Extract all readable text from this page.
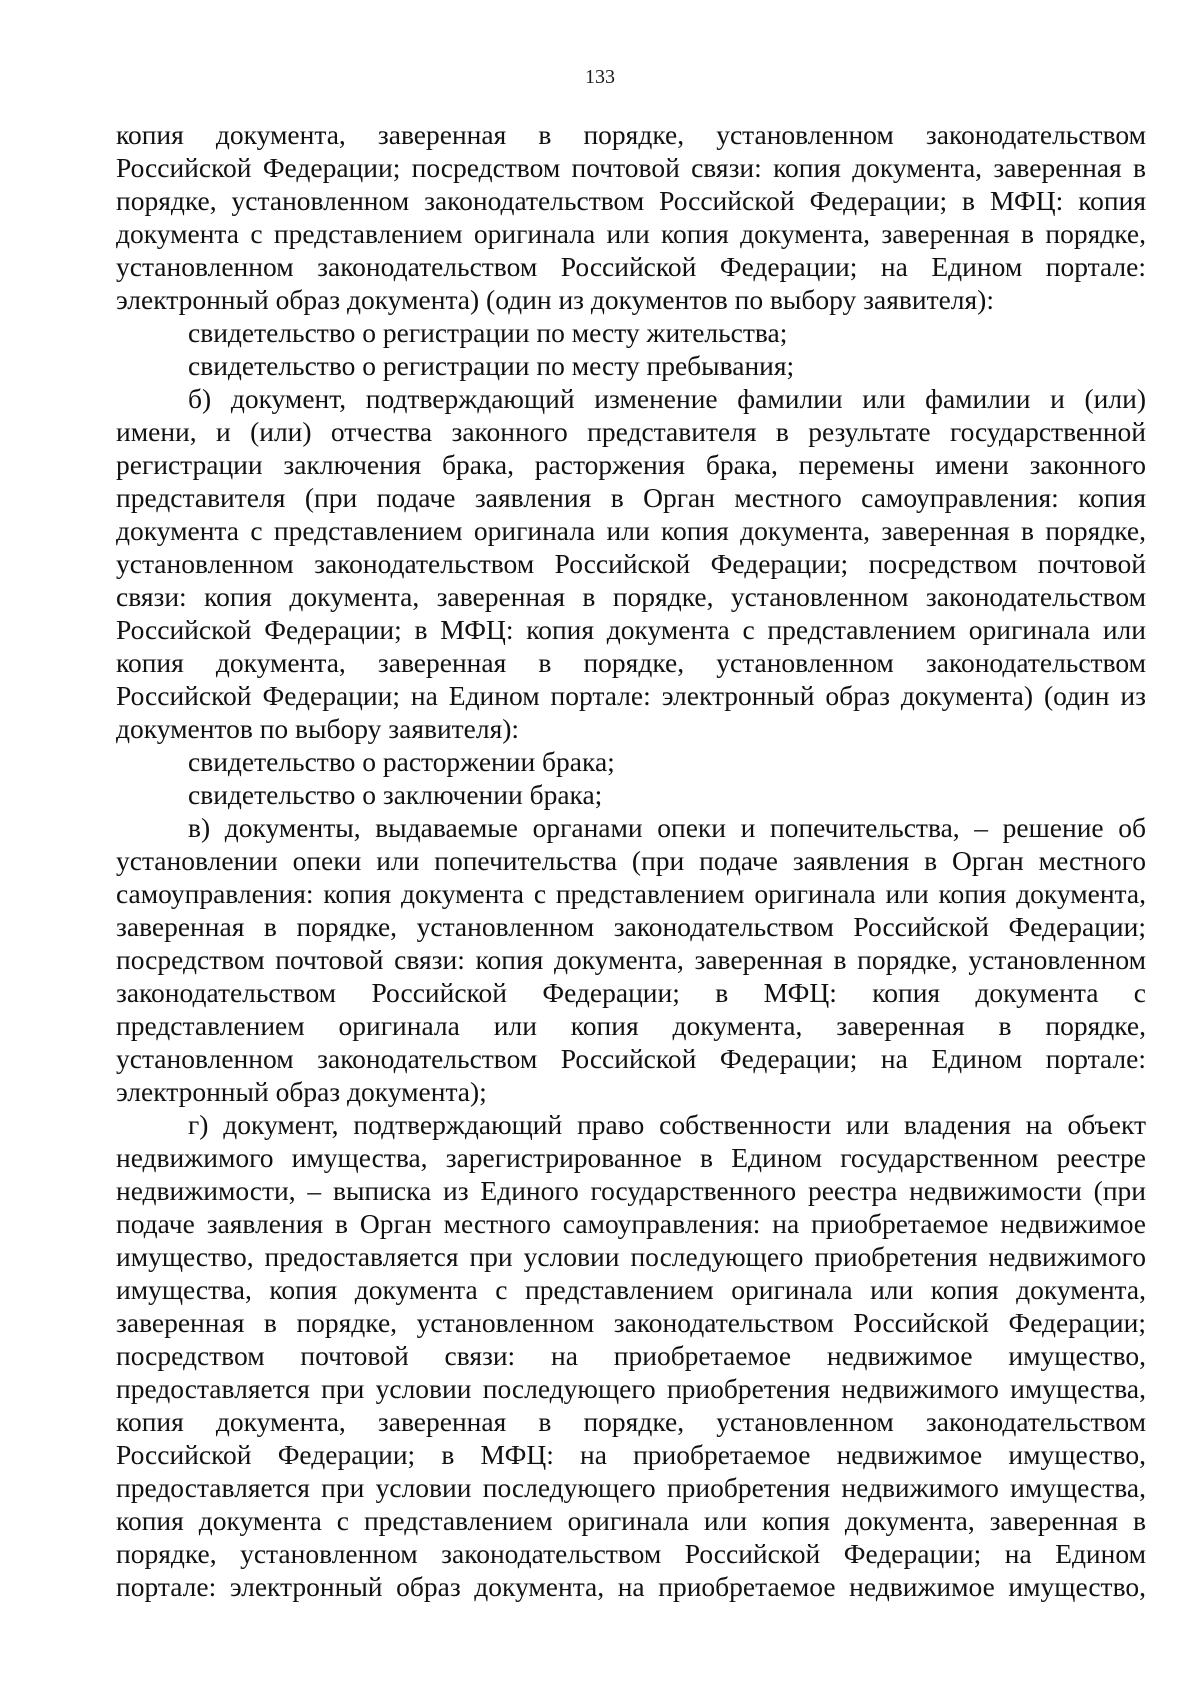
133
копия документа, заверенная в порядке, установленном законодательством
Российской Федерации; посредством почтовой связи: копия документа, заверенная в
порядке, установленном законодательством Российской Федерации; в МФЦ: копия
документа с представлением оригинала или копия документа, заверенная в порядке,
установленном законодательством Российской Федерации; на Едином портале:
электронный образ документа) (один из документов по выбору заявителя):
свидетельство о регистрации по месту жительства;
свидетельство о регистрации по месту пребывания;
б) документ, подтверждающий изменение фамилии или фамилии и (или)
имени, и (или) отчества законного представителя в результате государственной
регистрации заключения брака, расторжения брака, перемены имени законного
представителя (при подаче заявления в Орган местного самоуправления: копия
документа с представлением оригинала или копия документа, заверенная в порядке,
установленном законодательством Российской Федерации; посредством почтовой
связи: копия документа, заверенная в порядке, установленном законодательством
Российской Федерации; в МФЦ: копия документа с представлением оригинала или
копия документа, заверенная в порядке, установленном законодательством
Российской Федерации; на Едином портале: электронный образ документа) (один из
документов по выбору заявителя):
свидетельство о расторжении брака;
свидетельство о заключении брака;
в) документы, выдаваемые органами опеки и попечительства, – решение об
установлении опеки или попечительства (при подаче заявления в Орган местного
самоуправления: копия документа с представлением оригинала или копия документа,
заверенная в порядке, установленном законодательством Российской Федерации;
посредством почтовой связи: копия документа, заверенная в порядке, установленном
законодательством Российской Федерации; в МФЦ: копия документа с
представлением оригинала или копия документа, заверенная в порядке,
установленном законодательством Российской Федерации; на Едином портале:
электронный образ документа);
г) документ, подтверждающий право собственности или владения на объект
недвижимого имущества, зарегистрированное в Едином государственном реестре
недвижимости, – выписка из Единого государственного реестра недвижимости (при
подаче заявления в Орган местного самоуправления: на приобретаемое недвижимое
имущество, предоставляется при условии последующего приобретения недвижимого
имущества, копия документа с представлением оригинала или копия документа,
заверенная в порядке, установленном законодательством Российской Федерации;
посредством почтовой связи: на приобретаемое недвижимое имущество,
предоставляется при условии последующего приобретения недвижимого имущества,
копия документа, заверенная в порядке, установленном законодательством
Российской Федерации; в МФЦ: на приобретаемое недвижимое имущество,
предоставляется при условии последующего приобретения недвижимого имущества,
копия документа с представлением оригинала или копия документа, заверенная в
порядке, установленном законодательством Российской Федерации; на Едином
портале: электронный образ документа, на приобретаемое недвижимое имущество,
